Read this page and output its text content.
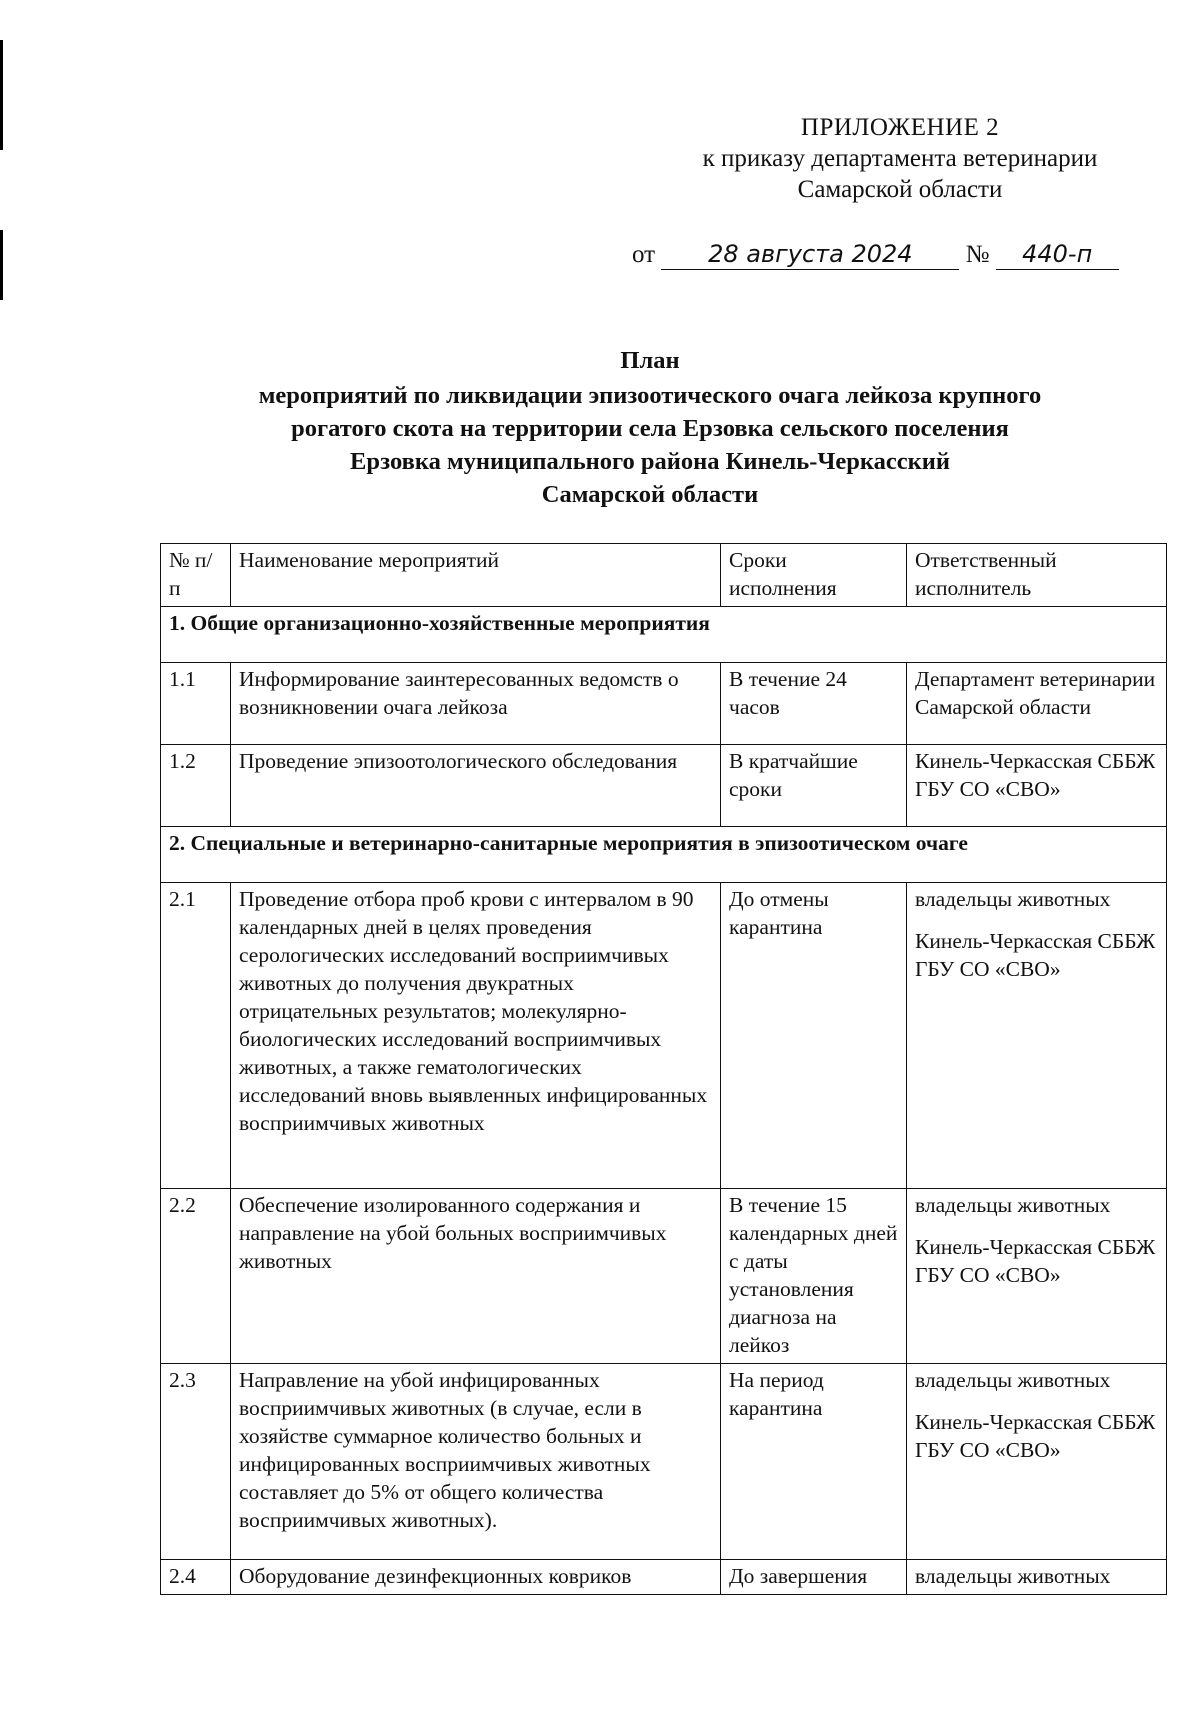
ПРИЛОЖЕНИЕ 2
к приказу департамента ветеринарии
Самарской области
от 28 августа 2024 № 440-п
План
мероприятий по ликвидации эпизоотического очага лейкоза крупного
рогатого скота на территории села Ерзовка сельского поселения
Ерзовка муниципального района Кинель-Черкасский
Самарской области
№ п/п	Наименование мероприятий	Сроки исполнения	Ответственный исполнитель
1. Общие организационно-хозяйственные мероприятия			
1.1	Информирование заинтересованных ведомств о возникновении очага лейкоза	В течение 24 часов	Департамент ветеринарии Самарской области
1.2	Проведение эпизоотологического обследования	В кратчайшие сроки	Кинель-Черкасская СББЖ ГБУ СО «СВО»
2. Специальные и ветеринарно-санитарные мероприятия в эпизоотическом очаге			
2.1	Проведение отбора проб крови с интервалом в 90 календарных дней в целях проведения серологических исследований восприимчивых животных до получения двукратных отрицательных результатов; молекулярно-биологических исследований восприимчивых животных, а также гематологических исследований вновь выявленных инфицированных восприимчивых животных	До отмены карантина	владельцы животных
Кинель-Черкасская СББЖ ГБУ СО «СВО»
2.2	Обеспечение изолированного содержания и направление на убой больных восприимчивых животных	В течение 15 календарных дней с даты установления диагноза на лейкоз	владельцы животных
Кинель-Черкасская СББЖ ГБУ СО «СВО»
2.3	Направление на убой инфицированных восприимчивых животных (в случае, если в хозяйстве суммарное количество больных и инфицированных восприимчивых животных составляет до 5% от общего количества восприимчивых животных).	На период карантина	владельцы животных
Кинель-Черкасская СББЖ ГБУ СО «СВО»
2.4	Оборудование дезинфекционных ковриков	До завершения	владельцы животных
